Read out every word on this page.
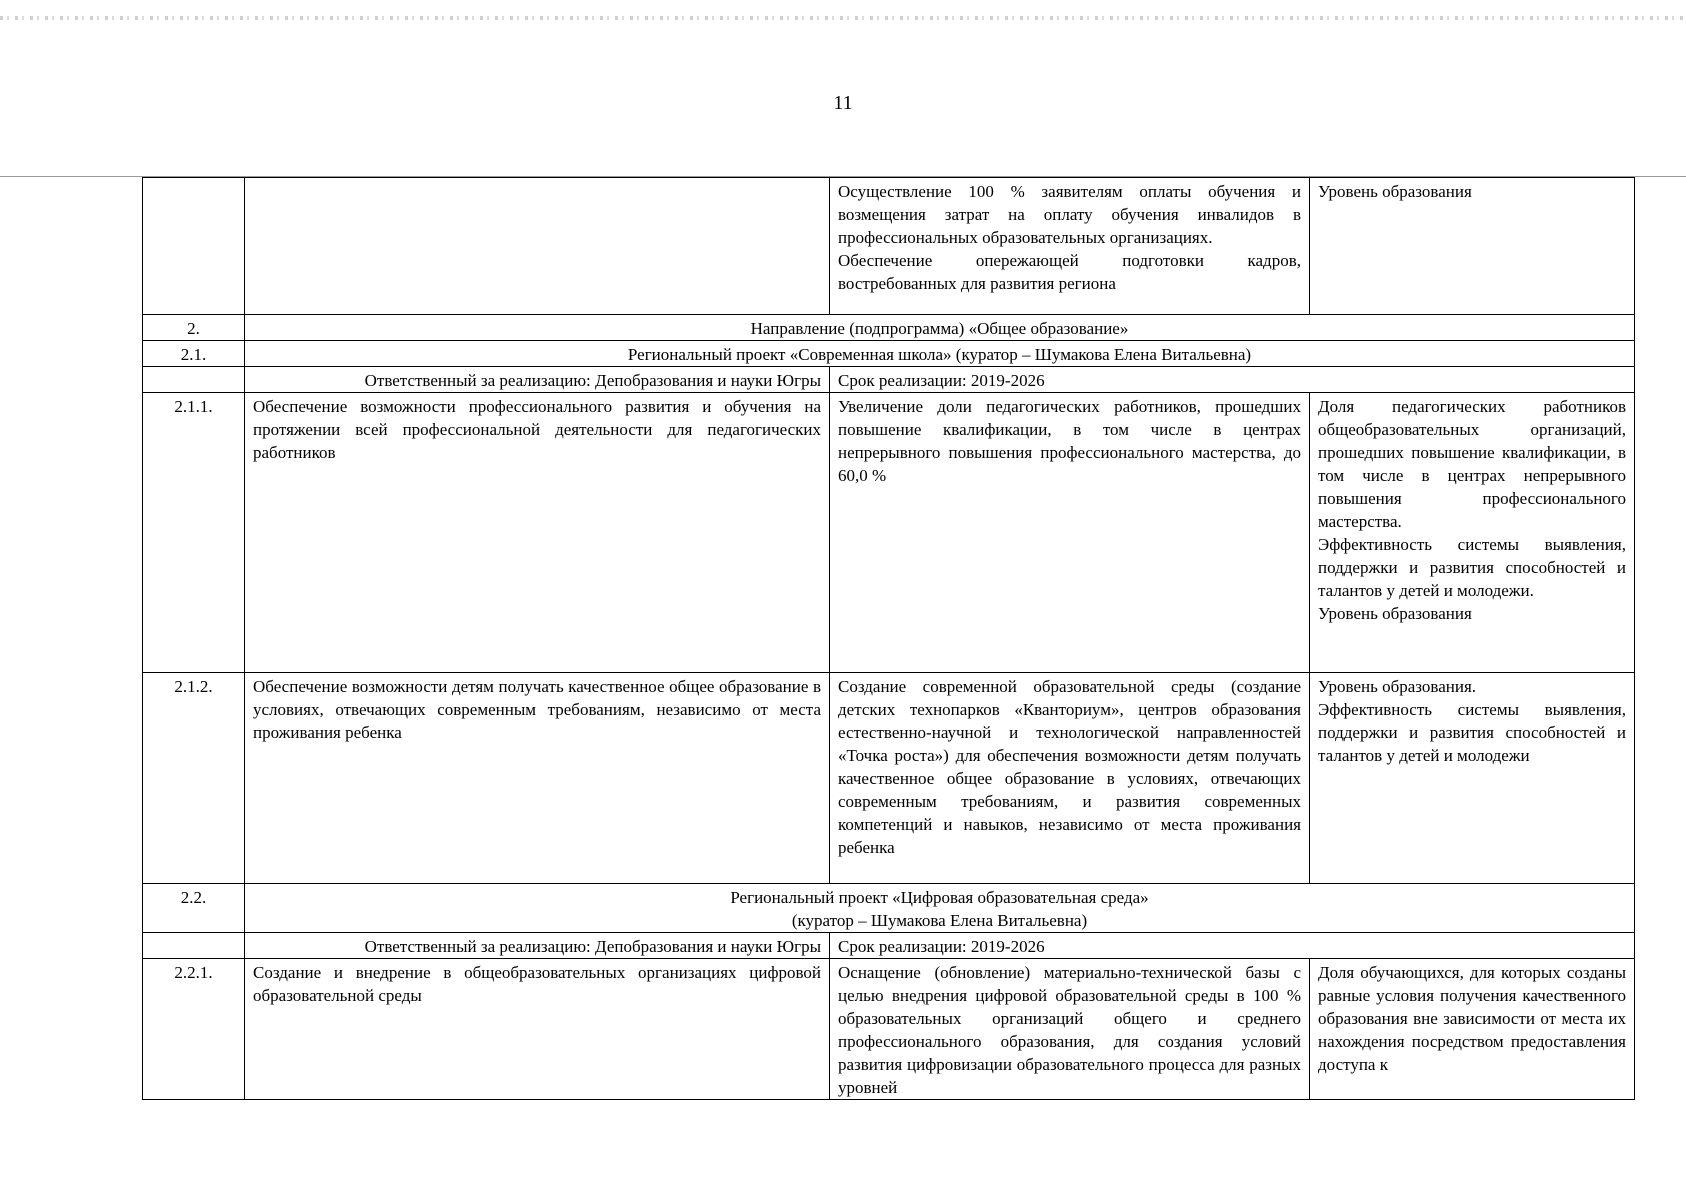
11
		Осуществление 100 % заявителям оплаты обучения и возмещения затрат на оплату обучения инвалидов в профессиональных образовательных организациях.
Обеспечение опережающей подготовки кадров, востребованных для развития региона	Уровень образования
2.	Направление (подпрограмма) «Общее образование»		
2.1.	Региональный проект «Современная школа» (куратор – Шумакова Елена Витальевна)		
	Ответственный за реализацию: Депобразования и науки Югры	Срок реализации: 2019-2026	
2.1.1.	Обеспечение возможности профессионального развития и обучения на протяжении всей профессиональной деятельности для педагогических работников	Увеличение доли педагогических работников, прошедших повышение квалификации, в том числе в центрах непрерывного повышения профессионального мастерства, до 60,0 %	Доля педагогических работников общеобразовательных организаций, прошедших повышение квалификации, в том числе в центрах непрерывного повышения профессионального мастерства.
Эффективность системы выявления, поддержки и развития способностей и талантов у детей и молодежи.
Уровень образования
2.1.2.	Обеспечение возможности детям получать качественное общее образование в условиях, отвечающих современным требованиям, независимо от места проживания ребенка	Создание современной образовательной среды (создание детских технопарков «Кванториум», центров образования естественно-научной и технологической направленностей «Точка роста») для обеспечения возможности детям получать качественное общее образование в условиях, отвечающих современным требованиям, и развития современных компетенций и навыков, независимо от места проживания ребенка	Уровень образования.
Эффективность системы выявления, поддержки и развития способностей и талантов у детей и молодежи
2.2.	Региональный проект «Цифровая образовательная среда»
(куратор – Шумакова Елена Витальевна)		
	Ответственный за реализацию: Депобразования и науки Югры	Срок реализации: 2019-2026	
2.2.1.	Создание и внедрение в общеобразовательных организациях цифровой образовательной среды	Оснащение (обновление) материально-технической базы с целью внедрения цифровой образовательной среды в 100 % образовательных организаций общего и среднего профессионального образования, для создания условий развития цифровизации образовательного процесса для разных уровней	Доля обучающихся, для которых созданы равные условия получения качественного образования вне зависимости от места их нахождения посредством предоставления доступа к
